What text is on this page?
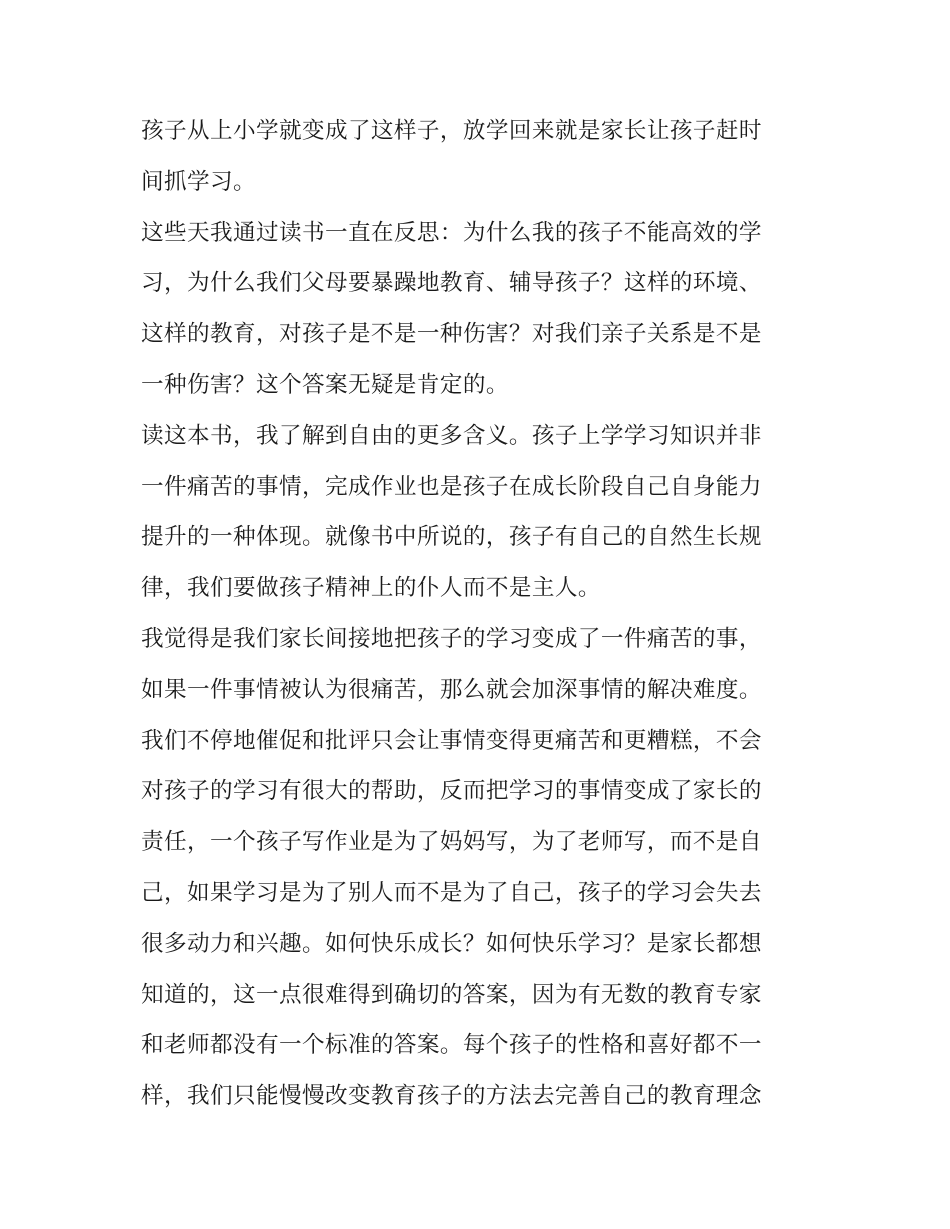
孩子从上小学就变成了这样子，放学回来就是家长让孩子赶时
间抓学习。
这些天我通过读书一直在反思：为什么我的孩子不能高效的学
习，为什么我们父母要暴躁地教育、辅导孩子？这样的环境、
这样的教育，对孩子是不是一种伤害？对我们亲子关系是不是
一种伤害？这个答案无疑是肯定的。
读这本书，我了解到自由的更多含义。孩子上学学习知识并非
一件痛苦的事情，完成作业也是孩子在成长阶段自己自身能力
提升的一种体现。就像书中所说的，孩子有自己的自然生长规
律，我们要做孩子精神上的仆人而不是主人。
我觉得是我们家长间接地把孩子的学习变成了一件痛苦的事，
如果一件事情被认为很痛苦，那么就会加深事情的解决难度。
我们不停地催促和批评只会让事情变得更痛苦和更糟糕，不会
对孩子的学习有很大的帮助，反而把学习的事情变成了家长的
责任，一个孩子写作业是为了妈妈写，为了老师写，而不是自
己，如果学习是为了别人而不是为了自己，孩子的学习会失去
很多动力和兴趣。如何快乐成长？如何快乐学习？是家长都想
知道的，这一点很难得到确切的答案，因为有无数的教育专家
和老师都没有一个标准的答案。每个孩子的性格和喜好都不一
样，我们只能慢慢改变教育孩子的方法去完善自己的教育理念
